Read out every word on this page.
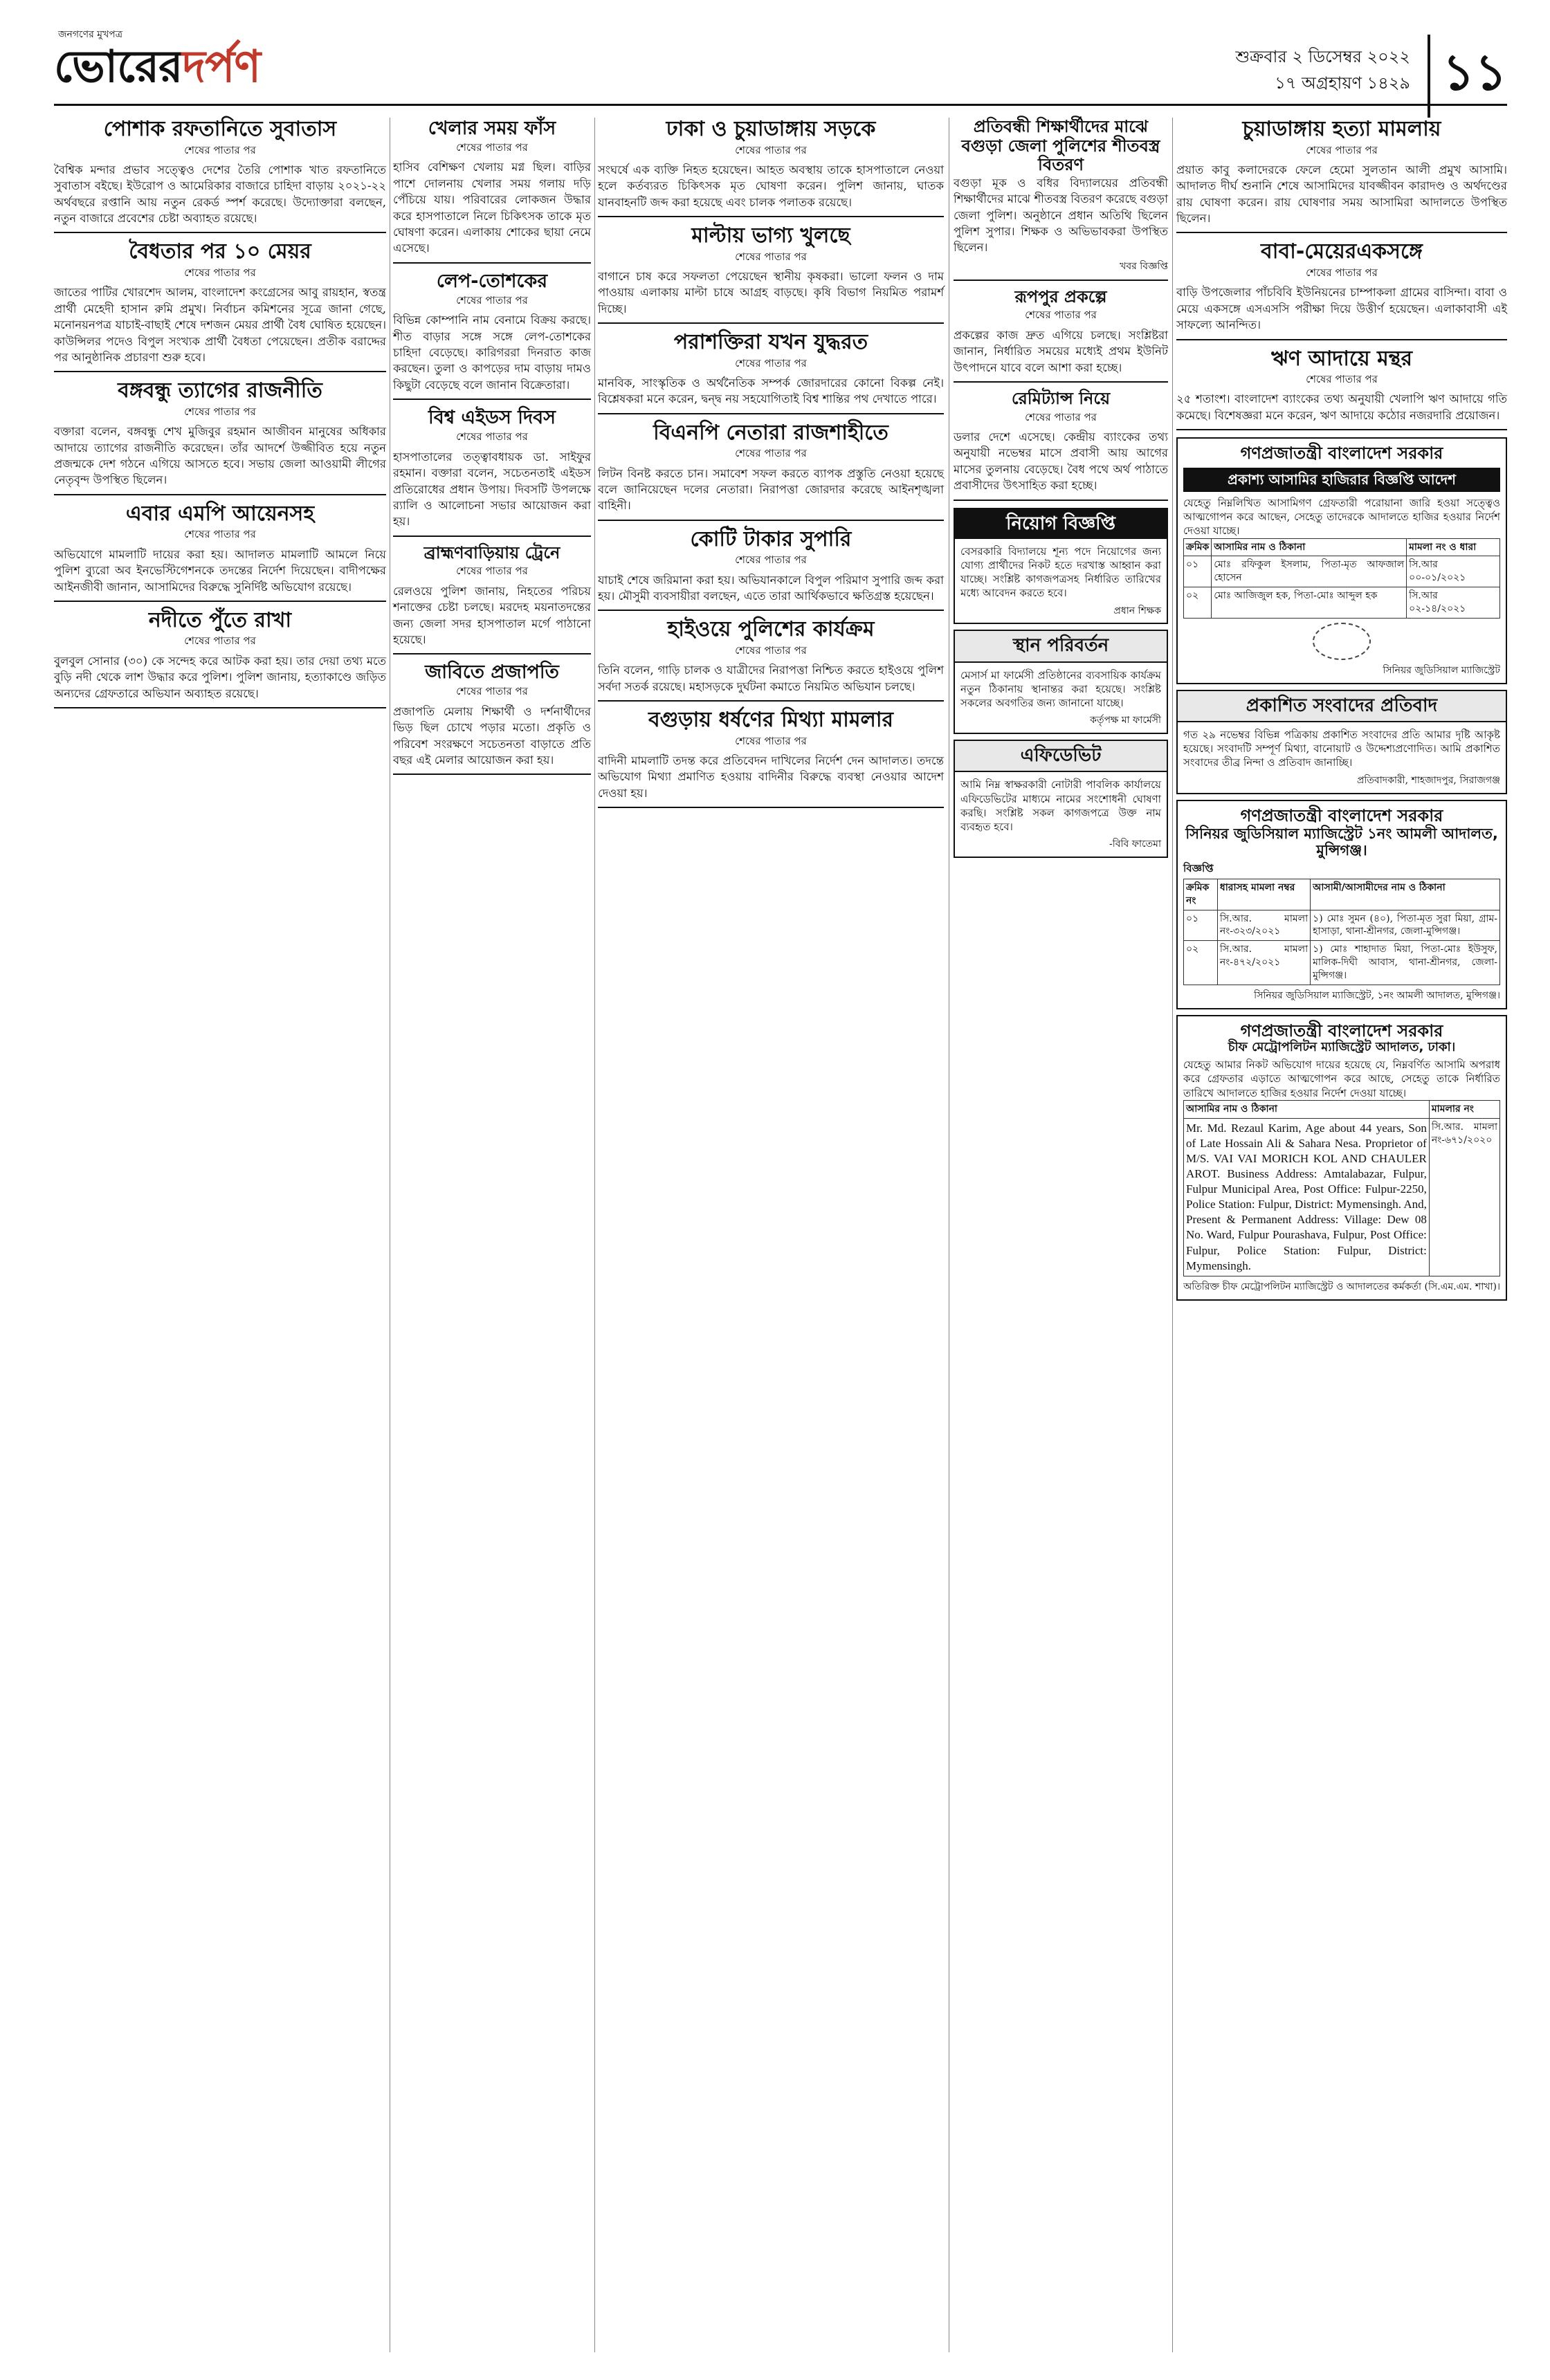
জনগণের মুখপত্র
ভোরেরদর্পণ	শুক্রবার ২ ডিসেম্বর ২০২২
১৭ অগ্রহায়ণ ১৪২৯ ১১
পোশাক রফতানিতে সুবাতাস
শেষের পাতার পর

বৈশ্বিক মন্দার প্রভাব সত্ত্বেও দেশের তৈরি পোশাক খাত রফতানিতে সুবাতাস বইছে। ইউরোপ ও আমেরিকার বাজারে চাহিদা বাড়ায় ২০২১-২২ অর্থবছরে রপ্তানি আয় নতুন রেকর্ড স্পর্শ করেছে। উদ্যোক্তারা বলছেন, নতুন বাজারে প্রবেশের চেষ্টা অব্যাহত রয়েছে।

বৈধতার পর ১০ মেয়র
শেষের পাতার পর

জাতের পাটির খোরশেদ আলম, বাংলাদেশ কংগ্রেসের আবু রায়হান, স্বতন্ত্র প্রার্থী মেহেদী হাসান রুমি প্রমুখ। নির্বাচন কমিশনের সূত্রে জানা গেছে, মনোনয়নপত্র যাচাই-বাছাই শেষে দশজন মেয়র প্রার্থী বৈধ ঘোষিত হয়েছেন। কাউন্সিলর পদেও বিপুল সংখ্যক প্রার্থী বৈধতা পেয়েছেন। প্রতীক বরাদ্দের পর আনুষ্ঠানিক প্রচারণা শুরু হবে।

বঙ্গবন্ধু ত্যাগের রাজনীতি
শেষের পাতার পর

বক্তারা বলেন, বঙ্গবন্ধু শেখ মুজিবুর রহমান আজীবন মানুষের অধিকার আদায়ে ত্যাগের রাজনীতি করেছেন। তাঁর আদর্শে উজ্জীবিত হয়ে নতুন প্রজন্মকে দেশ গঠনে এগিয়ে আসতে হবে। সভায় জেলা আওয়ামী লীগের নেতৃবৃন্দ উপস্থিত ছিলেন।

এবার এমপি আয়েনসহ
শেষের পাতার পর

অভিযোগে মামলাটি দায়ের করা হয়। আদালত মামলাটি আমলে নিয়ে পুলিশ ব্যুরো অব ইনভেস্টিগেশনকে তদন্তের নির্দেশ দিয়েছেন। বাদীপক্ষের আইনজীবী জানান, আসামিদের বিরুদ্ধে সুনির্দিষ্ট অভিযোগ রয়েছে।

নদীতে পুঁতে রাখা
শেষের পাতার পর

বুলবুল সোনার (৩০) কে সন্দেহ করে আটক করা হয়। তার দেয়া তথ্য মতে বুড়ি নদী থেকে লাশ উদ্ধার করে পুলিশ। পুলিশ জানায়, হত্যাকাণ্ডে জড়িত অন্যদের গ্রেফতারে অভিযান অব্যাহত রয়েছে।

খেলার সময় ফাঁস
শেষের পাতার পর

হাসিব বেশিক্ষণ খেলায় মগ্ন ছিল। বাড়ির পাশে দোলনায় খেলার সময় গলায় দড়ি পেঁচিয়ে যায়। পরিবারের লোকজন উদ্ধার করে হাসপাতালে নিলে চিকিৎসক তাকে মৃত ঘোষণা করেন। এলাকায় শোকের ছায়া নেমে এসেছে।

লেপ-তোশকের
শেষের পাতার পর

বিভিন্ন কোম্পানি নাম বেনামে বিক্রয় করছে। শীত বাড়ার সঙ্গে সঙ্গে লেপ-তোশকের চাহিদা বেড়েছে। কারিগররা দিনরাত কাজ করছেন। তুলা ও কাপড়ের দাম বাড়ায় দামও কিছুটা বেড়েছে বলে জানান বিক্রেতারা।

বিশ্ব এইডস দিবস
শেষের পাতার পর

হাসপাতালের তত্ত্বাবধায়ক ডা. সাইফুর রহমান। বক্তারা বলেন, সচেতনতাই এইডস প্রতিরোধের প্রধান উপায়। দিবসটি উপলক্ষে র‍্যালি ও আলোচনা সভার আয়োজন করা হয়।

ব্রাহ্মণবাড়িয়ায় ট্রেনে
শেষের পাতার পর

রেলওয়ে পুলিশ জানায়, নিহতের পরিচয় শনাক্তের চেষ্টা চলছে। মরদেহ ময়নাতদন্তের জন্য জেলা সদর হাসপাতাল মর্গে পাঠানো হয়েছে।

জাবিতে প্রজাপতি
শেষের পাতার পর

প্রজাপতি মেলায় শিক্ষার্থী ও দর্শনার্থীদের ভিড় ছিল চোখে পড়ার মতো। প্রকৃতি ও পরিবেশ সংরক্ষণে সচেতনতা বাড়াতে প্রতি বছর এই মেলার আয়োজন করা হয়।

ঢাকা ও চুয়াডাঙ্গায় সড়কে
শেষের পাতার পর

সংঘর্ষে এক ব্যক্তি নিহত হয়েছেন। আহত অবস্থায় তাকে হাসপাতালে নেওয়া হলে কর্তব্যরত চিকিৎসক মৃত ঘোষণা করেন। পুলিশ জানায়, ঘাতক যানবাহনটি জব্দ করা হয়েছে এবং চালক পলাতক রয়েছে।

মাল্টায় ভাগ্য খুলছে
শেষের পাতার পর

বাগানে চাষ করে সফলতা পেয়েছেন স্থানীয় কৃষকরা। ভালো ফলন ও দাম পাওয়ায় এলাকায় মাল্টা চাষে আগ্রহ বাড়ছে। কৃষি বিভাগ নিয়মিত পরামর্শ দিচ্ছে।

পরাশক্তিরা যখন যুদ্ধরত
শেষের পাতার পর

মানবিক, সাংস্কৃতিক ও অর্থনৈতিক সম্পর্ক জোরদারের কোনো বিকল্প নেই। বিশ্লেষকরা মনে করেন, দ্বন্দ্ব নয় সহযোগিতাই বিশ্ব শান্তির পথ দেখাতে পারে।

বিএনপি নেতারা রাজশাহীতে
শেষের পাতার পর

লিটন বিনষ্ট করতে চান। সমাবেশ সফল করতে ব্যাপক প্রস্তুতি নেওয়া হয়েছে বলে জানিয়েছেন দলের নেতারা। নিরাপত্তা জোরদার করেছে আইনশৃঙ্খলা বাহিনী।

কোটি টাকার সুপারি
শেষের পাতার পর

যাচাই শেষে জরিমানা করা হয়। অভিযানকালে বিপুল পরিমাণ সুপারি জব্দ করা হয়। মৌসুমী ব্যবসায়ীরা বলছেন, এতে তারা আর্থিকভাবে ক্ষতিগ্রস্ত হয়েছেন।

হাইওয়ে পুলিশের কার্যক্রম
শেষের পাতার পর

তিনি বলেন, গাড়ি চালক ও যাত্রীদের নিরাপত্তা নিশ্চিত করতে হাইওয়ে পুলিশ সর্বদা সতর্ক রয়েছে। মহাসড়কে দুর্ঘটনা কমাতে নিয়মিত অভিযান চলছে।

বগুড়ায় ধর্ষণের মিথ্যা মামলার
শেষের পাতার পর

বাদিনী মামলাটি তদন্ত করে প্রতিবেদন দাখিলের নির্দেশ দেন আদালত। তদন্তে অভিযোগ মিথ্যা প্রমাণিত হওয়ায় বাদিনীর বিরুদ্ধে ব্যবস্থা নেওয়ার আদেশ দেওয়া হয়।

প্রতিবন্ধী শিক্ষার্থীদের মাঝে বগুড়া জেলা পুলিশের শীতবস্ত্র বিতরণ

বগুড়া মূক ও বধির বিদ্যালয়ের প্রতিবন্ধী শিক্ষার্থীদের মাঝে শীতবস্ত্র বিতরণ করেছে বগুড়া জেলা পুলিশ। অনুষ্ঠানে প্রধান অতিথি ছিলেন পুলিশ সুপার। শিক্ষক ও অভিভাবকরা উপস্থিত ছিলেন।

খবর বিজ্ঞপ্তি

রূপপুর প্রকল্পে
শেষের পাতার পর

প্রকল্পের কাজ দ্রুত এগিয়ে চলছে। সংশ্লিষ্টরা জানান, নির্ধারিত সময়ের মধ্যেই প্রথম ইউনিট উৎপাদনে যাবে বলে আশা করা হচ্ছে।

রেমিট্যান্স নিয়ে
শেষের পাতার পর

ডলার দেশে এসেছে। কেন্দ্রীয় ব্যাংকের তথ্য অনুযায়ী নভেম্বর মাসে প্রবাসী আয় আগের মাসের তুলনায় বেড়েছে। বৈধ পথে অর্থ পাঠাতে প্রবাসীদের উৎসাহিত করা হচ্ছে।

নিয়োগ বিজ্ঞপ্তি

বেসরকারি বিদ্যালয়ে শূন্য পদে নিয়োগের জন্য যোগ্য প্রার্থীদের নিকট হতে দরখাস্ত আহ্বান করা যাচ্ছে। সংশ্লিষ্ট কাগজপত্রসহ নির্ধারিত তারিখের মধ্যে আবেদন করতে হবে।

প্রধান শিক্ষক

স্থান পরিবর্তন

মেসার্স মা ফার্মেসী প্রতিষ্ঠানের ব্যবসায়িক কার্যক্রম নতুন ঠিকানায় স্থানান্তর করা হয়েছে। সংশ্লিষ্ট সকলের অবগতির জন্য জানানো যাচ্ছে।

কর্তৃপক্ষ মা ফার্মেসী

এফিডেভিট

আমি নিম্ন স্বাক্ষরকারী নোটারী পাবলিক কার্যালয়ে এফিডেভিটের মাধ্যমে নামের সংশোধনী ঘোষণা করছি। সংশ্লিষ্ট সকল কাগজপত্রে উক্ত নাম ব্যবহৃত হবে।

-বিবি ফাতেমা

চুয়াডাঙ্গায় হত্যা মামলায়
শেষের পাতার পর

প্রয়াত কাবু কলাদেরকে ফেলে হেমো সুলতান আলী প্রমুখ আসামি। আদালত দীর্ঘ শুনানি শেষে আসামিদের যাবজ্জীবন কারাদণ্ড ও অর্থদণ্ডের রায় ঘোষণা করেন। রায় ঘোষণার সময় আসামিরা আদালতে উপস্থিত ছিলেন।

বাবা-মেয়েরএকসঙ্গে
শেষের পাতার পর

বাড়ি উপজেলার পাঁচবিবি ইউনিয়নের চাম্পাকলা গ্রামের বাসিন্দা। বাবা ও মেয়ে একসঙ্গে এসএসসি পরীক্ষা দিয়ে উত্তীর্ণ হয়েছেন। এলাকাবাসী এই সাফল্যে আনন্দিত।

ঋণ আদায়ে মন্থর
শেষের পাতার পর

২৫ শতাংশ। বাংলাদেশ ব্যাংকের তথ্য অনুযায়ী খেলাপি ঋণ আদায়ে গতি কমেছে। বিশেষজ্ঞরা মনে করেন, ঋণ আদায়ে কঠোর নজরদারি প্রয়োজন।

গণপ্রজাতন্ত্রী বাংলাদেশ সরকার
প্রকাশ্য আসামির হাজিরার বিজ্ঞপ্তি আদেশ

যেহেতু নিম্নলিখিত আসামিগণ গ্রেফতারী পরোয়ানা জারি হওয়া সত্ত্বেও আত্মগোপন করে আছেন, সেহেতু তাদেরকে আদালতে হাজির হওয়ার নির্দেশ দেওয়া যাচ্ছে।

ক্রমিক	আসামির নাম ও ঠিকানা	মামলা নং ও ধারা
০১	মোঃ রফিকুল ইসলাম, পিতা-মৃত আফজাল হোসেন	সি.আর ০০-০১/২০২১
০২	মোঃ আজিজুল হক, পিতা-মোঃ আব্দুল হক	সি.আর ০২-১৪/২০২১

সিনিয়র জুডিসিয়াল ম্যাজিস্ট্রেট

প্রকাশিত সংবাদের প্রতিবাদ

গত ২৯ নভেম্বর বিভিন্ন পত্রিকায় প্রকাশিত সংবাদের প্রতি আমার দৃষ্টি আকৃষ্ট হয়েছে। সংবাদটি সম্পূর্ণ মিথ্যা, বানোয়াট ও উদ্দেশ্যপ্রণোদিত। আমি প্রকাশিত সংবাদের তীব্র নিন্দা ও প্রতিবাদ জানাচ্ছি।

প্রতিবাদকারী, শাহজাদপুর, সিরাজগঞ্জ

গণপ্রজাতন্ত্রী বাংলাদেশ সরকার
সিনিয়র জুডিসিয়াল ম্যাজিস্ট্রেট ১নং আমলী আদালত, মুন্সিগঞ্জ।
বিজ্ঞপ্তি
ক্রমিক নং	ধারাসহ মামলা নম্বর	আসামী/আসামীদের নাম ও ঠিকানা
০১	সি.আর. মামলা নং-৩২৩/২০২১	১) মোঃ সুমন (৪০), পিতা-মৃত সুরা মিয়া, গ্রাম-হাসাড়া, থানা-শ্রীনগর, জেলা-মুন্সিগঞ্জ।
০২	সি.আর. মামলা নং-৪৭২/২০২১	১) মোঃ শাহাদাত মিয়া, পিতা-মোঃ ইউসুফ, মালিক-দিঘী আবাস, থানা-শ্রীনগর, জেলা-মুন্সিগঞ্জ।

সিনিয়র জুডিসিয়াল ম্যাজিস্ট্রেট, ১নং আমলী আদালত, মুন্সিগঞ্জ।

গণপ্রজাতন্ত্রী বাংলাদেশ সরকার
চীফ মেট্রোপলিটন ম্যাজিস্ট্রেট আদালত, ঢাকা।

যেহেতু আমার নিকট অভিযোগ দায়ের হয়েছে যে, নিম্নবর্ণিত আসামি অপরাধ করে গ্রেফতার এড়াতে আত্মগোপন করে আছে, সেহেতু তাকে নির্ধারিত তারিখে আদালতে হাজির হওয়ার নির্দেশ দেওয়া যাচ্ছে।

আসামির নাম ও ঠিকানা	মামলার নং
Mr. Md. Rezaul Karim, Age about 44 years, Son of Late Hossain Ali & Sahara Nesa. Proprietor of M/S. VAI VAI MORICH KOL AND CHAULER AROT. Business Address: Amtalabazar, Fulpur, Fulpur Municipal Area, Post Office: Fulpur-2250, Police Station: Fulpur, District: Mymensingh. And, Present & Permanent Address: Village: Dew 08 No. Ward, Fulpur Pourashava, Fulpur, Post Office: Fulpur, Police Station: Fulpur, District: Mymensingh.	সি.আর. মামলা নং-৬৭১/২০২০

অতিরিক্ত চীফ মেট্রোপলিটন ম্যাজিস্ট্রেট ও আদালতের কর্মকর্তা (সি.এম.এম. শাখা)।
